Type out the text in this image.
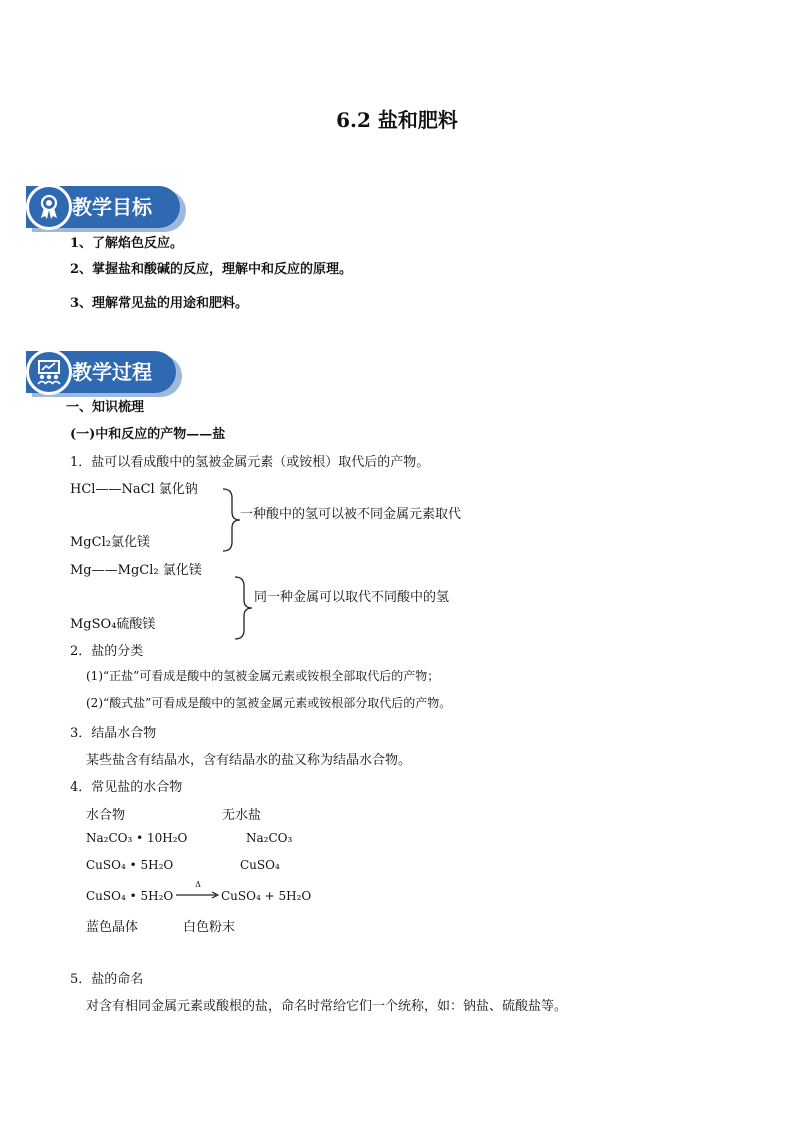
6.2 盐和肥料
教学目标
1、了解焰色反应。
2、掌握盐和酸碱的反应，理解中和反应的原理。
3、理解常见盐的用途和肥料。
教学过程
一、知识梳理
(一)中和反应的产物——盐
1．盐可以看成酸中的氢被金属元素（或铵根）取代后的产物。
HCl——NaCl 氯化钠
MgCl₂氯化镁
一种酸中的氢可以被不同金属元素取代
Mg——MgCl₂ 氯化镁
MgSO₄硫酸镁
同一种金属可以取代不同酸中的氢
2．盐的分类
(1)“正盐”可看成是酸中的氢被金属元素或铵根全部取代后的产物；
(2)“酸式盐”可看成是酸中的氢被金属元素或铵根部分取代后的产物。
3．结晶水合物
某些盐含有结晶水，含有结晶水的盐又称为结晶水合物。
4．常见盐的水合物
水合物	无水盐
Na₂CO₃ • 10H₂O	Na₂CO₃
CuSO₄ • 5H₂O	CuSO₄
CuSO₄ • 5H₂O
Δ
CuSO₄ + 5H₂O
蓝色晶体	白色粉末
5．盐的命名
对含有相同金属元素或酸根的盐，命名时常给它们一个统称，如：钠盐、硫酸盐等。
